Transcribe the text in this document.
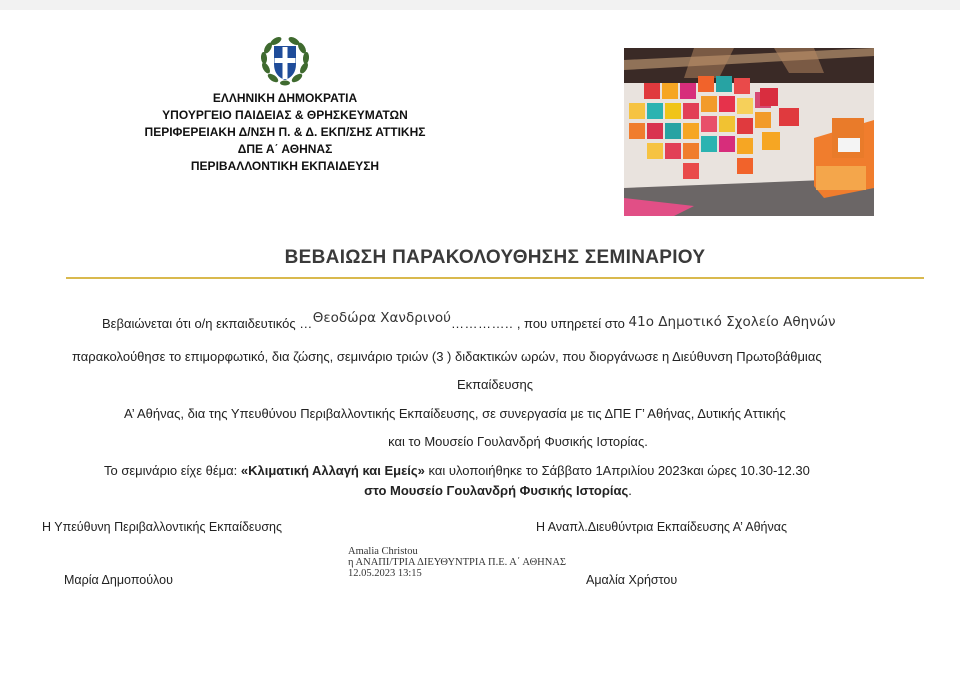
ΕΛΛΗΝΙΚΗ ΔΗΜΟΚΡΑΤΙΑ
ΥΠΟΥΡΓΕΙΟ ΠΑΙΔΕΙΑΣ & ΘΡΗΣΚΕΥΜΑΤΩΝ
ΠΕΡΙΦΕΡΕΙΑΚΗ Δ/ΝΣΗ Π. & Δ. ΕΚΠ/ΣΗΣ ΑΤΤΙΚΗΣ
ΔΠΕ Α΄ ΑΘΗΝΑΣ
ΠΕΡΙΒΑΛΛΟΝΤΙΚΗ ΕΚΠΑΙΔΕΥΣΗ
ΒΕΒΑΙΩΣΗ ΠΑΡΑΚΟΛΟΥΘΗΣΗΣ ΣΕΜΙΝΑΡΙΟΥ
Βεβαιώνεται ότι ο/η εκπαιδευτικός …Θεοδώρα Χανδρινού………….. , που υπηρετεί στο 41ο Δημοτικό Σχολείο Αθηνών
παρακολούθησε το επιμορφωτικό, δια ζώσης, σεμινάριο τριών (3 ) διδακτικών ωρών, που διοργάνωσε η Διεύθυνση Πρωτοβάθμιας
Εκπαίδευσης
Α’ Αθήνας, δια της Υπευθύνου Περιβαλλοντικής Εκπαίδευσης, σε συνεργασία με τις ΔΠΕ Γ’ Αθήνας, Δυτικής Αττικής
και το Μουσείο Γουλανδρή Φυσικής Ιστορίας.
Το σεμινάριο είχε θέμα: «Κλιματική Αλλαγή και Εμείς» και υλοποιήθηκε το Σάββατο 1Απριλίου 2023και ώρες 10.30-12.30
στο Μουσείο Γουλανδρή Φυσικής Ιστορίας.
Η Υπεύθυνη Περιβαλλοντικής Εκπαίδευσης	Η Αναπλ.Διευθύντρια Εκπαίδευσης Α’ Αθήνας
Amalia Christou
η ΑΝΑΠΙ/ΤΡΙΑ ΔΙΕΥΘΥΝΤΡΙΑ Π.Ε. Α΄ ΑΘΗΝΑΣ
12.05.2023 13:15
Μαρία Δημοπούλου	Αμαλία Χρήστου
